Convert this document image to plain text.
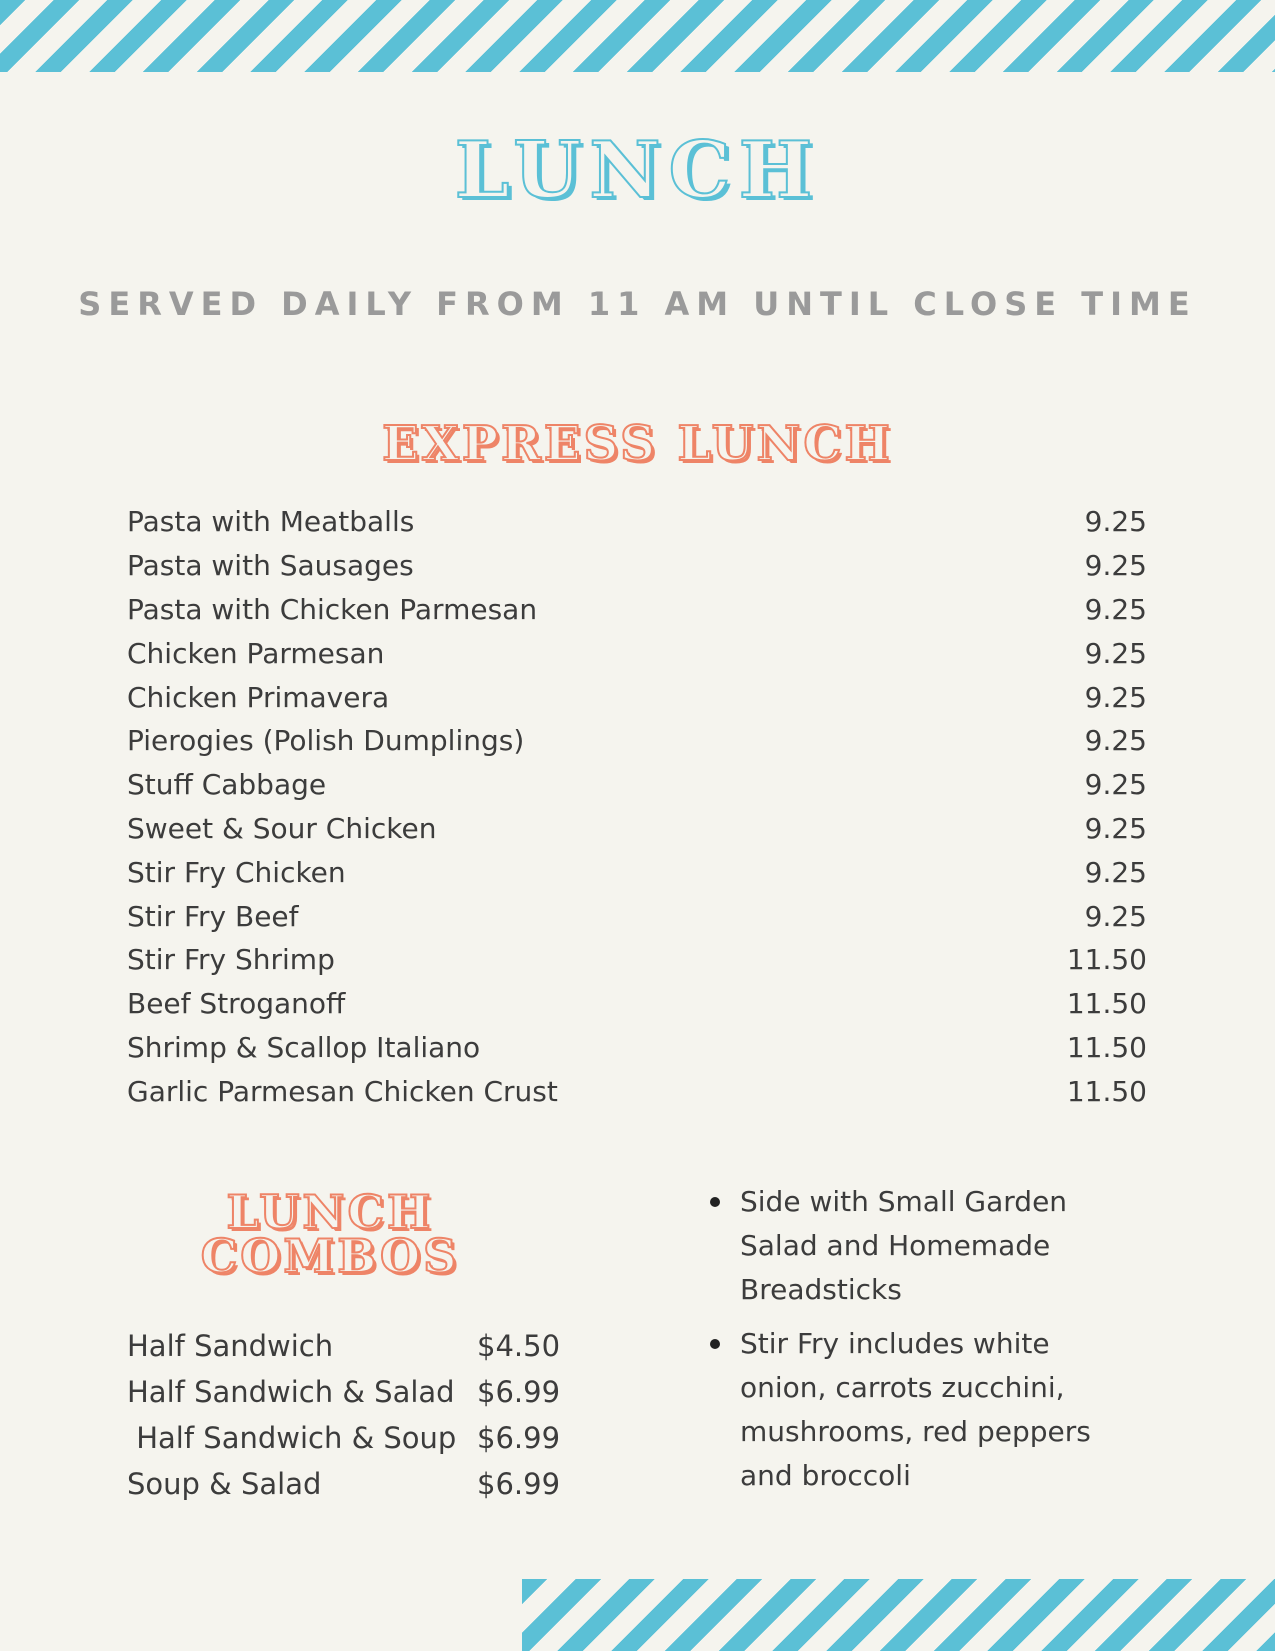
LUNCH
SERVED DAILY FROM 11 AM UNTIL CLOSE TIME
EXPRESS LUNCH
Pasta with Meatballs	9.25
Pasta with Sausages	9.25
Pasta with Chicken Parmesan	9.25
Chicken Parmesan	9.25
Chicken Primavera	9.25
Pierogies (Polish Dumplings)	9.25
Stuff Cabbage	9.25
Sweet & Sour Chicken	9.25
Stir Fry Chicken	9.25
Stir Fry Beef	9.25
Stir Fry Shrimp	11.50
Beef Stroganoff	11.50
Shrimp & Scallop Italiano	11.50
Garlic Parmesan Chicken Crust	11.50
LUNCH
COMBOS
Half Sandwich	$4.50
Half Sandwich & Salad $6.99
Half Sandwich & Soup $6.99
Soup & Salad	$6.99
Side with Small Garden
Salad and Homemade
Breadsticks
Stir Fry includes white
onion, carrots zucchini,
mushrooms, red peppers
and broccoli
